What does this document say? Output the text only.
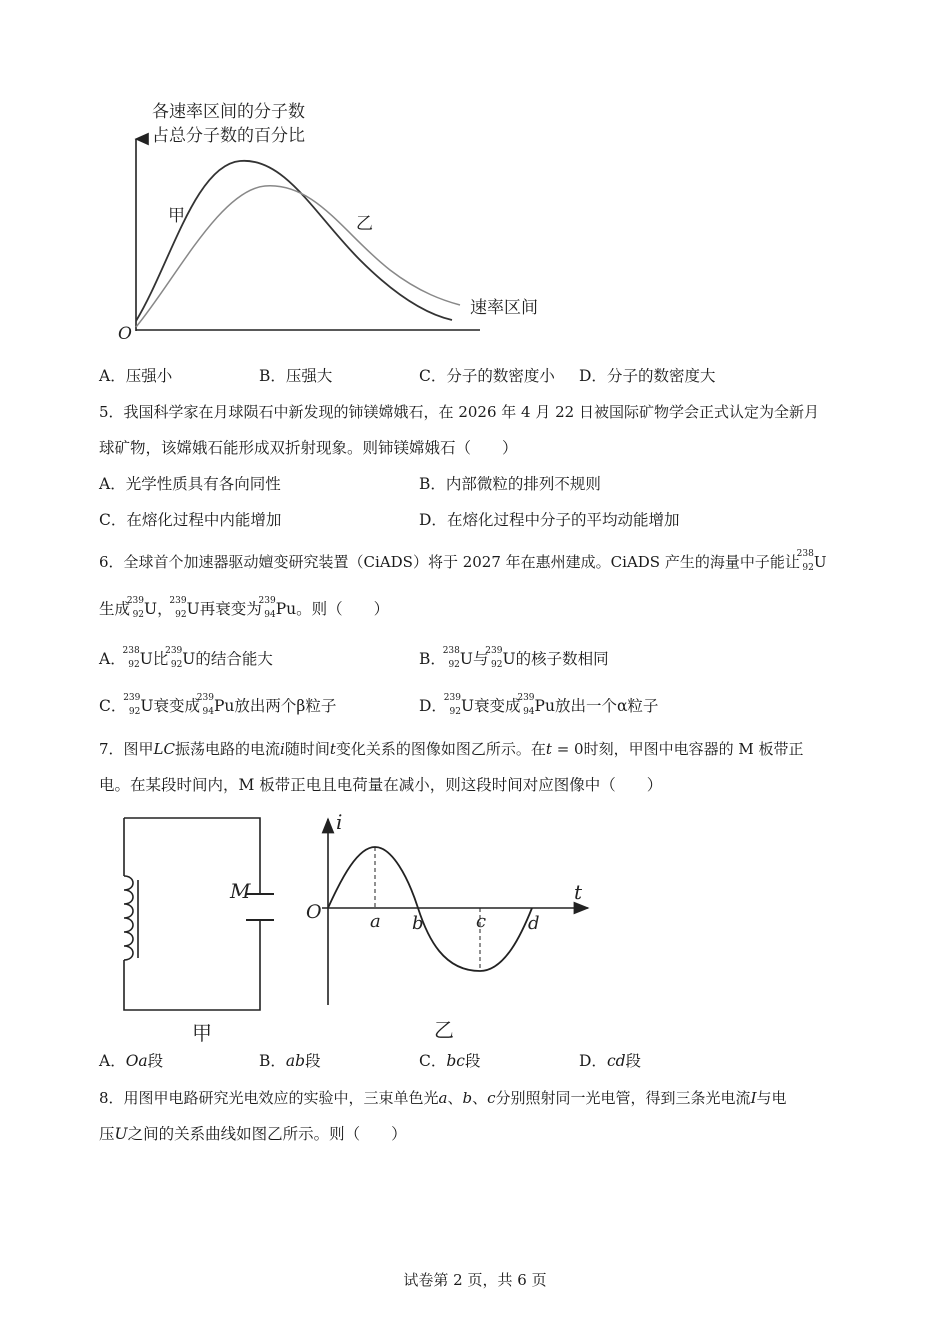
各速率区间的分子数
占总分子数的百分比
速率区间
O
甲	乙
A．压强小	B．压强大	C．分子的数密度小 D．分子的数密度大
5．我国科学家在月球陨石中新发现的铈镁嫦娥石，在 2026 年 4 月 22 日被国际矿物学会正式认定为全新月
球矿物，该嫦娥石能形成双折射现象。则铈镁嫦娥石（　　）
A．光学性质具有各向同性	B．内部微粒的排列不规则
C．在熔化过程中内能增加	D．在熔化过程中分子的平均动能增加
6．全球首个加速器驱动嬗变研究装置（CiADS）将于 2027 年在惠州建成。CiADS 产生的海量中子能让
238
92 U
生成
239
92 U，
239
92 U再衰变为
239
94 Pu。则（　　）
A．
238
92 U比
239
92 U的结合能大	B．
238
92 U与
239
92 U的核子数相同
C．
239
92 U衰变成
239
94 Pu放出两个β粒子	D．
239
92 U衰变成
239
94 Pu放出一个α粒子
7．图甲LC振荡电路的电流i随时间t变化关系的图像如图乙所示。在t = 0时刻，甲图中电容器的 M 板带正
电。在某段时间内，M 板带正电且电荷量在减小，则这段时间对应图像中（　　）
M
甲
i
t
O	a b	c d
乙
A．Oa段	B．ab段	C．bc段	D．cd段
8．用图甲电路研究光电效应的实验中，三束单色光a、b、c分别照射同一光电管，得到三条光电流I与电
压U之间的关系曲线如图乙所示。则（　　）
试卷第 2 页，共 6 页
